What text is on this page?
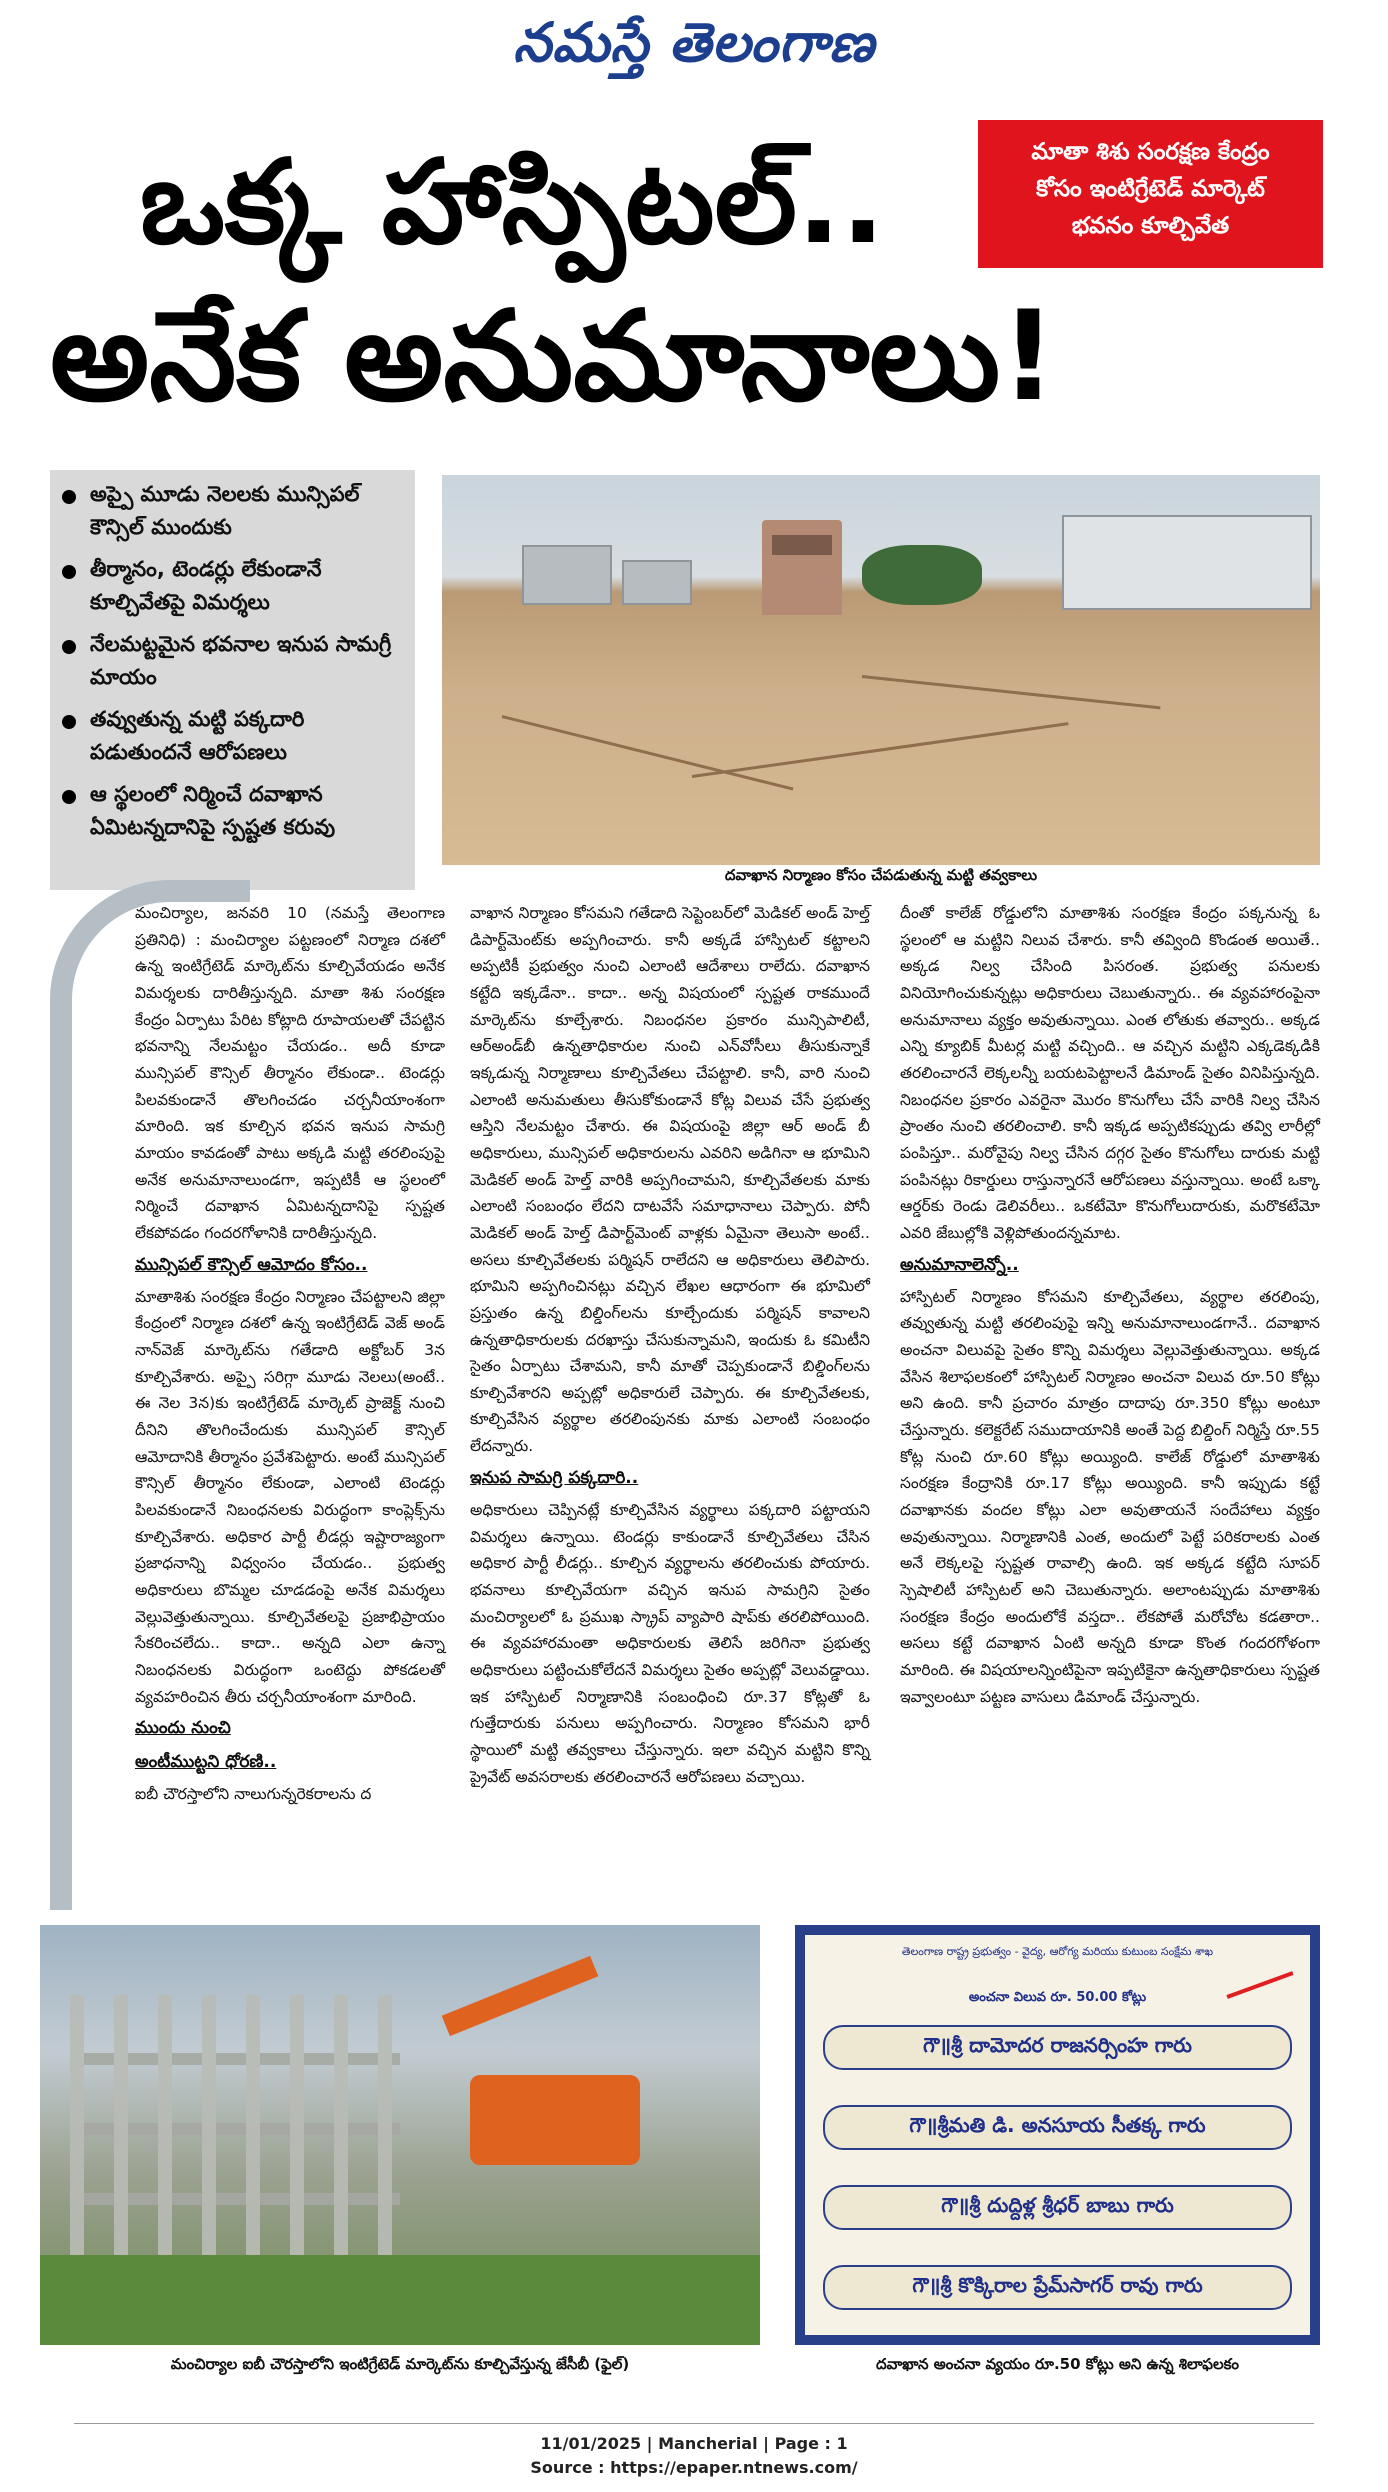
నమస్తే తెలంగాణ
మాతా శిశు సంరక్షణ కేంద్రం
కోసం ఇంటిగ్రేటెడ్ మార్కెట్
భవనం కూల్చివేత
ఒక్క హాస్పిటల్..
అనేక అనుమానాలు!
అప్పై మూడు నెలలకు మున్సిపల్ కౌన్సిల్ ముందుకు
తీర్మానం, టెండర్లు లేకుండానే కూల్చివేతపై విమర్శలు
నేలమట్టమైన భవనాల ఇనుప సామగ్రీ మాయం
తవ్వుతున్న మట్టి పక్కదారి పడుతుందనే ఆరోపణలు
ఆ స్థలంలో నిర్మించే దవాఖాన ఏమిటన్నదానిపై స్పష్టత కరువు
దవాఖాన నిర్మాణం కోసం చేపడుతున్న మట్టి తవ్వకాలు

మంచిర్యాల, జనవరి 10 (నమస్తే తెలంగాణ ప్రతినిధి) : మంచిర్యాల పట్టణంలో నిర్మాణ దశలో ఉన్న ఇంటిగ్రేటెడ్ మార్కెట్‌ను కూల్చివేయడం అనేక విమర్శలకు దారితీస్తున్నది. మాతా శిశు సంరక్షణ కేంద్రం ఏర్పాటు పేరిట కోట్లాది రూపాయలతో చేపట్టిన భవనాన్ని నేలమట్టం చేయడం.. అదీ కూడా మున్సిపల్ కౌన్సిల్ తీర్మానం లేకుండా.. టెండర్లు పిలవకుండానే తొలగించడం చర్చనీయాంశంగా మారింది. ఇక కూల్చిన భవన ఇనుప సామగ్రి మాయం కావడంతో పాటు అక్కడి మట్టి తరలింపుపై అనేక అనుమానాలుండగా, ఇప్పటికీ ఆ స్థలంలో నిర్మించే దవాఖాన ఏమిటన్నదానిపై స్పష్టత లేకపోవడం గందరగోళానికి దారితీస్తున్నది.

మున్సిపల్ కౌన్సిల్ ఆమోదం కోసం..

మాతాశిశు సంరక్షణ కేంద్రం నిర్మాణం చేపట్టాలని జిల్లా కేంద్రంలో నిర్మాణ దశలో ఉన్న ఇంటిగ్రేటెడ్ వెజ్ అండ్ నాన్‌వెజ్ మార్కెట్‌ను గతేడాది అక్టోబర్ 3న కూల్చివేశారు. అప్పై సరిగ్గా మూడు నెలలు(అంటే.. ఈ నెల 3న)కు ఇంటిగ్రేటెడ్ మార్కెట్ ప్రాజెక్ట్ నుంచి దీనిని తొలగించేందుకు మున్సిపల్ కౌన్సిల్ ఆమోదానికి తీర్మానం ప్రవేశపెట్టారు. అంటే మున్సిపల్ కౌన్సిల్ తీర్మానం లేకుండా, ఎలాంటి టెండర్లు పిలవకుండానే నిబంధనలకు విరుద్ధంగా కాంప్లెక్స్‌ను కూల్చివేశారు. అధికార పార్టీ లీడర్లు ఇష్టారాజ్యంగా ప్రజాధనాన్ని విధ్వంసం చేయడం.. ప్రభుత్వ అధికారులు బొమ్మల చూడడంపై అనేక విమర్శలు వెల్లువెత్తుతున్నాయి. కూల్చివేతలపై ప్రజాభిప్రాయం సేకరించలేదు.. కాదా.. అన్నది ఎలా ఉన్నా నిబంధనలకు విరుద్ధంగా ఒంటెద్దు పోకడలతో వ్యవహరించిన తీరు చర్చనీయాంశంగా మారింది.

ముందు నుంచి
అంటీముట్టని ధోరణి..

ఐబీ చౌరస్తాలోని నాలుగున్నరెకరాలను ద

వాఖాన నిర్మాణం కోసమని గతేడాది సెప్టెంబర్‌లో మెడికల్ అండ్ హెల్త్ డిపార్ట్‌మెంట్‌కు అప్పగించారు. కానీ అక్కడే హాస్పిటల్ కట్టాలని అప్పటికీ ప్రభుత్వం నుంచి ఎలాంటి ఆదేశాలు రాలేదు. దవాఖాన కట్టేది ఇక్కడేనా.. కాదా.. అన్న విషయంలో స్పష్టత రాకముందే మార్కెట్‌ను కూల్చేశారు. నిబంధనల ప్రకారం మున్సిపాలిటీ, ఆర్‌అండ్‌బీ ఉన్నతాధికారుల నుంచి ఎన్‌వోసీలు తీసుకున్నాకే ఇక్కడున్న నిర్మాణాలు కూల్చివేతలు చేపట్టాలి. కానీ, వారి నుంచి ఎలాంటి అనుమతులు తీసుకోకుండానే కోట్ల విలువ చేసే ప్రభుత్వ ఆస్తిని నేలమట్టం చేశారు. ఈ విషయంపై జిల్లా ఆర్ అండ్ బీ అధికారులు, మున్సిపల్ అధికారులను ఎవరిని అడిగినా ఆ భూమిని మెడికల్ అండ్ హెల్త్ వారికి అప్పగించామని, కూల్చివేతలకు మాకు ఎలాంటి సంబంధం లేదని దాటవేసే సమాధానాలు చెప్పారు. పోనీ మెడికల్ అండ్ హెల్త్ డిపార్ట్‌మెంట్ వాళ్లకు ఏమైనా తెలుసా అంటే.. అసలు కూల్చివేతలకు పర్మిషన్ రాలేదని ఆ అధికారులు తెలిపారు. భూమిని అప్పగించినట్లు వచ్చిన లేఖల ఆధారంగా ఈ భూమిలో ప్రస్తుతం ఉన్న బిల్డింగ్‌లను కూల్చేందుకు పర్మిషన్ కావాలని ఉన్నతాధికారులకు దరఖాస్తు చేసుకున్నామని, ఇందుకు ఓ కమిటీని సైతం ఏర్పాటు చేశామని, కానీ మాతో చెప్పకుండానే బిల్డింగ్‌లను కూల్చివేశారని అప్పట్లో అధికారులే చెప్పారు. ఈ కూల్చివేతలకు, కూల్చివేసిన వ్యర్థాల తరలింపునకు మాకు ఎలాంటి సంబంధం లేదన్నారు.

ఇనుప సామగ్రి పక్కదారి..

అధికారులు చెప్పినట్లే కూల్చివేసిన వ్యర్థాలు పక్కదారి పట్టాయని విమర్శలు ఉన్నాయి. టెండర్లు కాకుండానే కూల్చివేతలు చేసిన అధికార పార్టీ లీడర్లు.. కూల్చిన వ్యర్థాలను తరలించుకు పోయారు. భవనాలు కూల్చివేయగా వచ్చిన ఇనుప సామగ్రిని సైతం మంచిర్యాలలో ఓ ప్రముఖ స్క్రాప్ వ్యాపారి షాప్‌కు తరలిపోయింది. ఈ వ్యవహారమంతా అధికారులకు తెలిసే జరిగినా ప్రభుత్వ అధికారులు పట్టించుకోలేదనే విమర్శలు సైతం అప్పట్లో వెలువడ్డాయి. ఇక హాస్పిటల్ నిర్మాణానికి సంబంధించి రూ.37 కోట్లతో ఓ గుత్తేదారుకు పనులు అప్పగించారు. నిర్మాణం కోసమని భారీ స్థాయిలో మట్టి తవ్వకాలు చేస్తున్నారు. ఇలా వచ్చిన మట్టిని కొన్ని ప్రైవేట్ అవసరాలకు తరలించారనే ఆరోపణలు వచ్చాయి.

దీంతో కాలేజ్ రోడ్డులోని మాతాశిశు సంరక్షణ కేంద్రం పక్కనున్న ఓ స్థలంలో ఆ మట్టిని నిలువ చేశారు. కానీ తవ్వింది కొండంత అయితే.. అక్కడ నిల్వ చేసింది పిసరంత. ప్రభుత్వ పనులకు వినియోగించుకున్నట్లు అధికారులు చెబుతున్నారు.. ఈ వ్యవహారంపైనా అనుమానాలు వ్యక్తం అవుతున్నాయి. ఎంత లోతుకు తవ్వారు.. అక్కడ ఎన్ని క్యూబిక్ మీటర్ల మట్టి వచ్చింది.. ఆ వచ్చిన మట్టిని ఎక్కడెక్కడికి తరలించారనే లెక్కలన్నీ బయటపెట్టాలనే డిమాండ్ సైతం వినిపిస్తున్నది. నిబంధనల ప్రకారం ఎవరైనా మొరం కొనుగోలు చేసే వారికి నిల్వ చేసిన ప్రాంతం నుంచి తరలించాలి. కానీ ఇక్కడ అప్పటికప్పుడు తవ్వి లారీల్లో పంపిస్తూ.. మరోవైపు నిల్వ చేసిన దగ్గర సైతం కొనుగోలు దారుకు మట్టి పంపినట్లు రికార్డులు రాస్తున్నారనే ఆరోపణలు వస్తున్నాయి. అంటే ఒక్కా ఆర్డర్‌కు రెండు డెలివరీలు.. ఒకటేమో కొనుగోలుదారుకు, మరొకటేమో ఎవరి జేబుల్లోకి వెళ్లిపోతుందన్నమాట.

అనుమానాలెన్నో..

హాస్పిటల్ నిర్మాణం కోసమని కూల్చివేతలు, వ్యర్థాల తరలింపు, తవ్వుతున్న మట్టి తరలింపుపై ఇన్ని అనుమానాలుండగానే.. దవాఖాన అంచనా విలువపై సైతం కొన్ని విమర్శలు వెల్లువెత్తుతున్నాయి. అక్కడ వేసిన శిలాఫలకంలో హాస్పిటల్ నిర్మాణం అంచనా విలువ రూ.50 కోట్లు అని ఉంది. కానీ ప్రచారం మాత్రం దాదాపు రూ.350 కోట్లు అంటూ చేస్తున్నారు. కలెక్టరేట్ సముదాయానికి అంతే పెద్ద బిల్డింగ్ నిర్మిస్తే రూ.55 కోట్ల నుంచి రూ.60 కోట్లు అయ్యింది. కాలేజ్ రోడ్డులో మాతాశిశు సంరక్షణ కేంద్రానికి రూ.17 కోట్లు అయ్యింది. కానీ ఇప్పుడు కట్టే దవాఖానకు వందల కోట్లు ఎలా అవుతాయనే సందేహాలు వ్యక్తం అవుతున్నాయి. నిర్మాణానికి ఎంత, అందులో పెట్టే పరికరాలకు ఎంత అనే లెక్కలపై స్పష్టత రావాల్సి ఉంది. ఇక అక్కడ కట్టేది సూపర్ స్పెషాలిటీ హాస్పిటల్ అని చెబుతున్నారు. అలాంటప్పుడు మాతాశిశు సంరక్షణ కేంద్రం అందులోకే వస్తదా.. లేకపోతే మరోచోట కడతారా.. అసలు కట్టే దవాఖాన ఏంటి అన్నది కూడా కొంత గందరగోళంగా మారింది. ఈ విషయాలన్నింటిపైనా ఇప్పటికైనా ఉన్నతాధికారులు స్పష్టత ఇవ్వాలంటూ పట్టణ వాసులు డిమాండ్ చేస్తున్నారు.

మంచిర్యాల ఐబీ చౌరస్తాలోని ఇంటిగ్రేటెడ్ మార్కెట్‌ను కూల్చివేస్తున్న జేసీబీ (ఫైల్)
తెలంగాణ రాష్ట్ర ప్రభుత్వం - వైద్య, ఆరోగ్య మరియు కుటుంబ సంక్షేమ శాఖ
అంచనా విలువ రూ. 50.00 కోట్లు
గౌ॥శ్రీ దామోదర రాజనర్సింహ గారు
గౌ॥శ్రీమతి డి. అనసూయ సీతక్క గారు
గౌ॥శ్రీ దుద్దిళ్ల శ్రీధర్ బాబు గారు
గౌ॥శ్రీ కొక్కిరాల ప్రేమ్‌సాగర్ రావు గారు
దవాఖాన అంచనా వ్యయం రూ.50 కోట్లు అని ఉన్న శిలాఫలకం
11/01/2025 | Mancherial | Page : 1
Source : https://epaper.ntnews.com/
